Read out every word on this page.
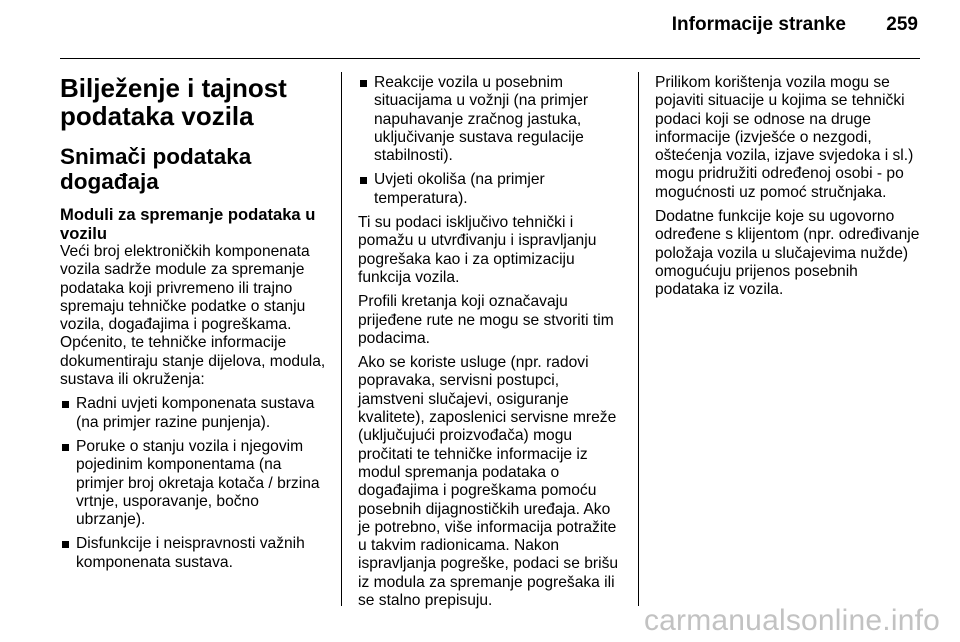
Informacije stranke 259
Bilježenje i tajnost podataka vozila
Snimači podataka događaja
Moduli za spremanje podataka u vozilu

Veći broj elektroničkih komponenata vozila sadrže module za spremanje podataka koji privremeno ili trajno spremaju tehničke podatke o stanju vozila, događajima i pogreškama. Općenito, te tehničke informacije dokumentiraju stanje dijelova, modula, sustava ili okruženja:

Radni uvjeti komponenata sustava (na primjer razine punjenja).
Poruke o stanju vozila i njegovim pojedinim komponentama (na primjer broj okretaja kotača / brzina vrtnje, usporavanje, bočno ubrzanje).
Disfunkcije i neispravnosti važnih komponenata sustava.
Reakcije vozila u posebnim situacijama u vožnji (na primjer napuhavanje zračnog jastuka, uključivanje sustava regulacije stabilnosti).
Uvjeti okoliša (na primjer temperatura).

Ti su podaci isključivo tehnički i pomažu u utvrđivanju i ispravljanju pogrešaka kao i za optimizaciju funkcija vozila.

Profili kretanja koji označavaju prijeđene rute ne mogu se stvoriti tim podacima.

Ako se koriste usluge (npr. radovi popravaka, servisni postupci, jamstveni slučajevi, osiguranje kvalitete), zaposlenici servisne mreže (uključujući proizvođača) mogu pročitati te tehničke informacije iz modul spremanja podataka o događajima i pogreškama pomoću posebnih dijagnostičkih uređaja. Ako je potrebno, više informacija potražite u takvim radionicama. Nakon ispravljanja pogreške, podaci se brišu iz modula za spremanje pogrešaka ili se stalno prepisuju.

Prilikom korištenja vozila mogu se pojaviti situacije u kojima se tehnički podaci koji se odnose na druge informacije (izvješće o nezgodi, oštećenja vozila, izjave svjedoka i sl.) mogu pridružiti određenoj osobi - po mogućnosti uz pomoć stručnjaka.

Dodatne funkcije koje su ugovorno određene s klijentom (npr. određivanje položaja vozila u slučajevima nužde) omogućuju prijenos posebnih podataka iz vozila.

carmanualsonline.info
